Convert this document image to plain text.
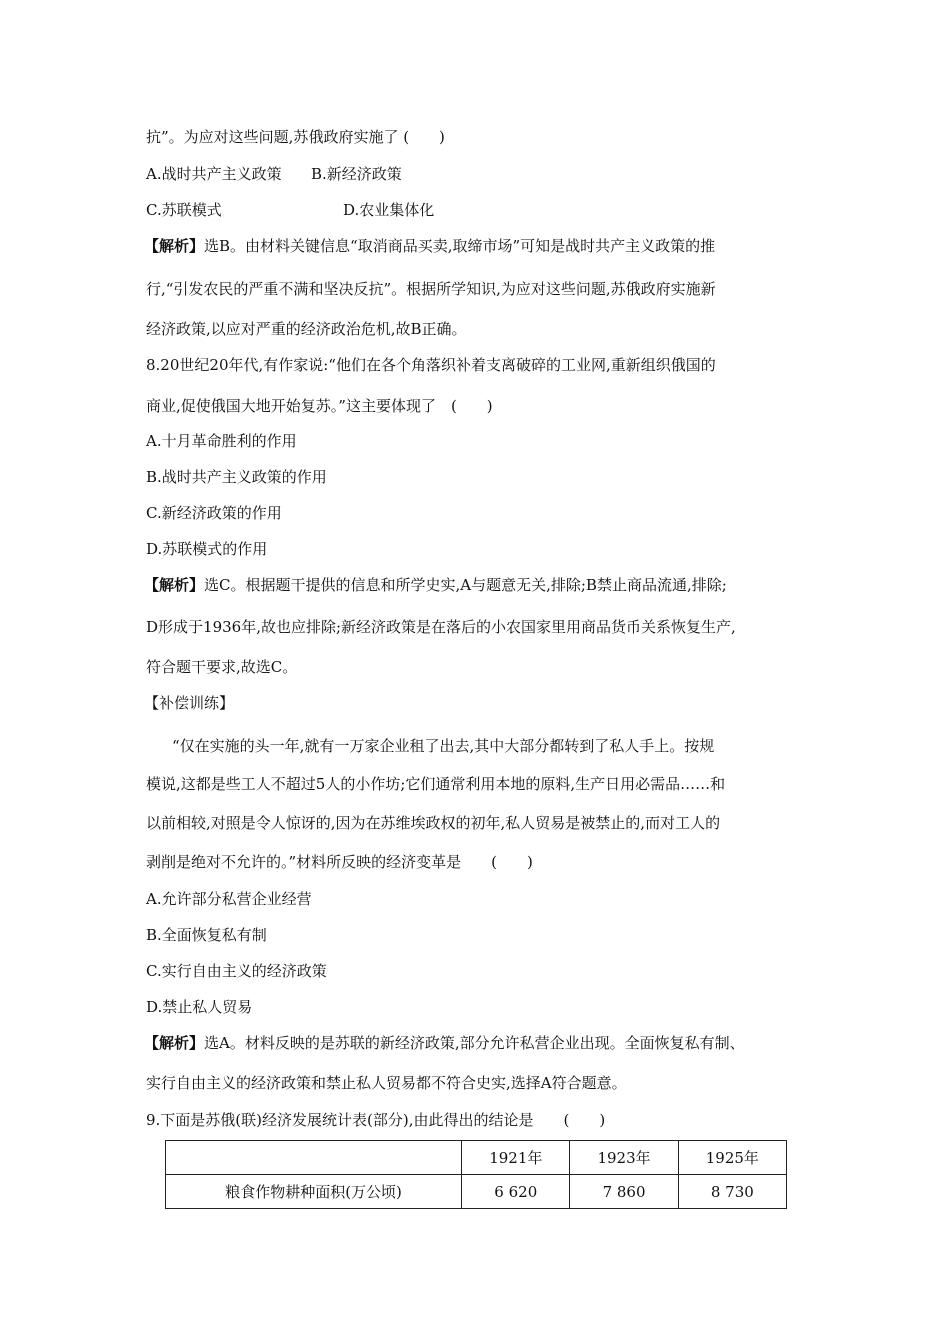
抗”。为应对这些问题,苏俄政府实施了 (　　)
A.战时共产主义政策 B.新经济政策
C.苏联模式	D.农业集体化
【解析】选B。由材料关键信息“取消商品买卖,取缔市场”可知是战时共产主义政策的推
行,“引发农民的严重不满和坚决反抗”。根据所学知识,为应对这些问题,苏俄政府实施新
经济政策,以应对严重的经济政治危机,故B正确。
8.20世纪20年代,有作家说:“他们在各个角落织补着支离破碎的工业网,重新组织俄国的
商业,促使俄国大地开始复苏。”这主要体现了　(　　)
A.十月革命胜利的作用
B.战时共产主义政策的作用
C.新经济政策的作用
D.苏联模式的作用
【解析】选C。根据题干提供的信息和所学史实,A与题意无关,排除;B禁止商品流通,排除;
D形成于1936年,故也应排除;新经济政策是在落后的小农国家里用商品货币关系恢复生产,
符合题干要求,故选C。
【补偿训练】
“仅在实施的头一年,就有一万家企业租了出去,其中大部分都转到了私人手上。按规
模说,这都是些工人不超过5人的小作坊;它们通常利用本地的原料,生产日用必需品……和
以前相较,对照是令人惊讶的,因为在苏维埃政权的初年,私人贸易是被禁止的,而对工人的
剥削是绝对不允许的。”材料所反映的经济变革是　　(　　)
A.允许部分私营企业经营
B.全面恢复私有制
C.实行自由主义的经济政策
D.禁止私人贸易
【解析】选A。材料反映的是苏联的新经济政策,部分允许私营企业出现。全面恢复私有制、
实行自由主义的经济政策和禁止私人贸易都不符合史实,选择A符合题意。
9.下面是苏俄(联)经济发展统计表(部分),由此得出的结论是　　(　　)
	1921年	1923年	1925年
粮食作物耕种面积(万公顷)	6 620	7 860	8 730
